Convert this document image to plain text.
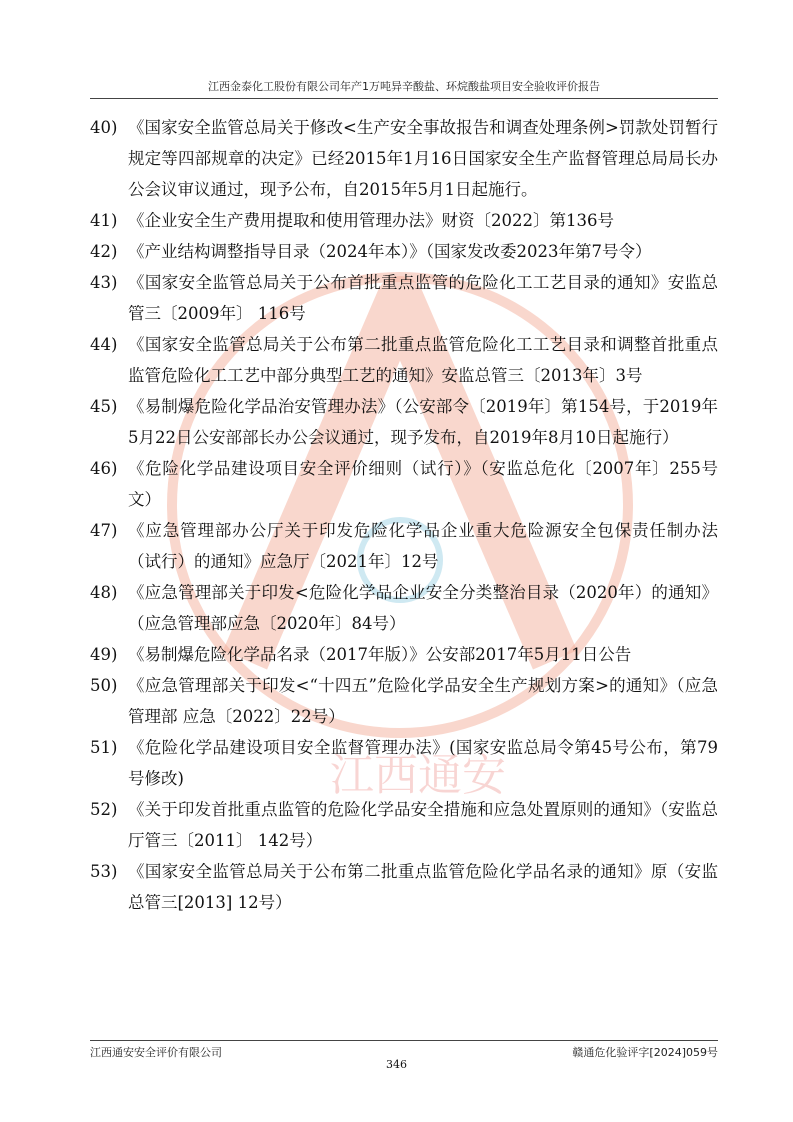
江西金泰化工股份有限公司年产1万吨异辛酸盐、环烷酸盐项目安全验收评价报告
江西通安
40) 《国家安全监管总局关于修改<生产安全事故报告和调查处理条例>罚款处罚暂行规定等四部规章的决定》已经2015年1月16日国家安全生产监督管理总局局长办公会议审议通过，现予公布，自2015年5月1日起施行。
41) 《企业安全生产费用提取和使用管理办法》财资〔2022〕第136号
42) 《产业结构调整指导目录（2024年本）》（国家发改委2023年第7号令）
43) 《国家安全监管总局关于公布首批重点监管的危险化工工艺目录的通知》安监总管三〔2009年〕 116号
44) 《国家安全监管总局关于公布第二批重点监管危险化工工艺目录和调整首批重点监管危险化工工艺中部分典型工艺的通知》安监总管三〔2013年〕3号
45) 《易制爆危险化学品治安管理办法》（公安部令〔2019年〕第154号，于2019年5月22日公安部部长办公会议通过，现予发布，自2019年8月10日起施行）
46) 《危险化学品建设项目安全评价细则（试行）》（安监总危化〔2007年〕255号文）
47) 《应急管理部办公厅关于印发危险化学品企业重大危险源安全包保责任制办法（试行）的通知》应急厅〔2021年〕12号
48) 《应急管理部关于印发<危险化学品企业安全分类整治目录（2020年）的通知》（应急管理部应急〔2020年〕84号）
49) 《易制爆危险化学品名录（2017年版）》公安部2017年5月11日公告
50) 《应急管理部关于印发<“十四五”危险化学品安全生产规划方案>的通知》（应急管理部 应急〔2022〕22号）
51) 《危险化学品建设项目安全监督管理办法》(国家安监总局令第45号公布，第79号修改)
52) 《关于印发首批重点监管的危险化学品安全措施和应急处置原则的通知》（安监总厅管三〔2011〕 142号）
53) 《国家安全监管总局关于公布第二批重点监管危险化学品名录的通知》原（安监总管三[2013] 12号）
江西通安安全评价有限公司	赣通危化验评字[2024]059号
346
